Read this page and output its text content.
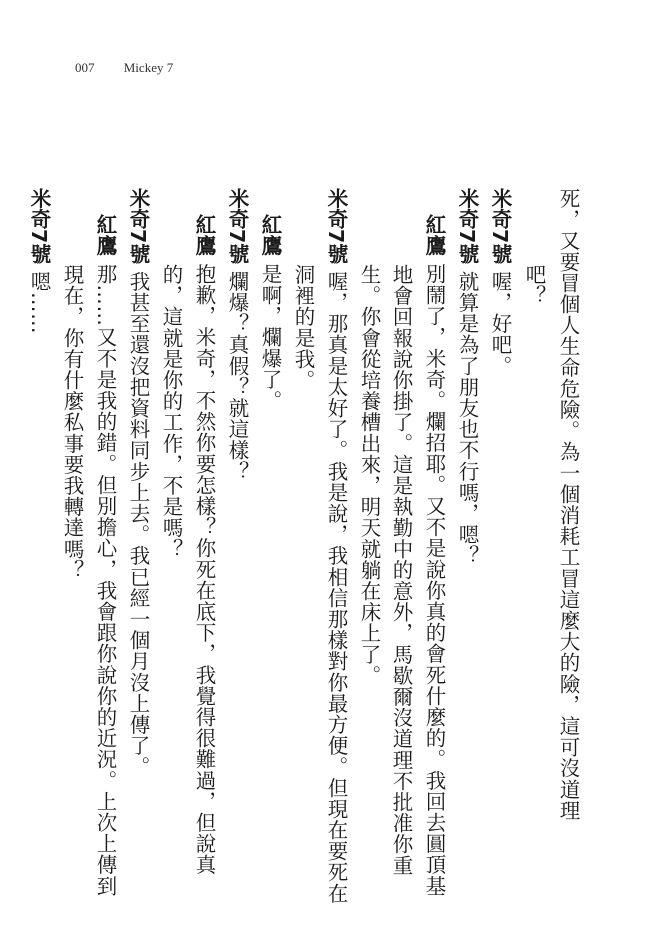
007 Mickey 7
死，又要冒個人生命危險。為一個消耗工冒這麼大的險，這可沒道理
吧？
米奇7號 喔，好吧。
米奇7號 就算是為了朋友也不行嗎，嗯？
紅鷹 別鬧了，米奇。爛招耶。又不是說你真的會死什麼的。我回去圓頂基
地會回報說你掛了。這是執勤中的意外，馬歇爾沒道理不批准你重
生。你會從培養槽出來，明天就躺在床上了。
米奇7號 喔，那真是太好了。我是說，我相信那樣對你最方便。但現在要死在
洞裡的是我。
紅鷹 是啊，爛爆了。
米奇7號 爛爆？真假？就這樣？
紅鷹 抱歉，米奇，不然你要怎樣？你死在底下，我覺得很難過，但說真
的，這就是你的工作，不是嗎？
米奇7號 我甚至還沒把資料同步上去。我已經一個月沒上傳了。
紅鷹 那……又不是我的錯。但別擔心，我會跟你說你的近況。上次上傳到
現在，你有什麼私事要我轉達嗎？
米奇7號 嗯……
